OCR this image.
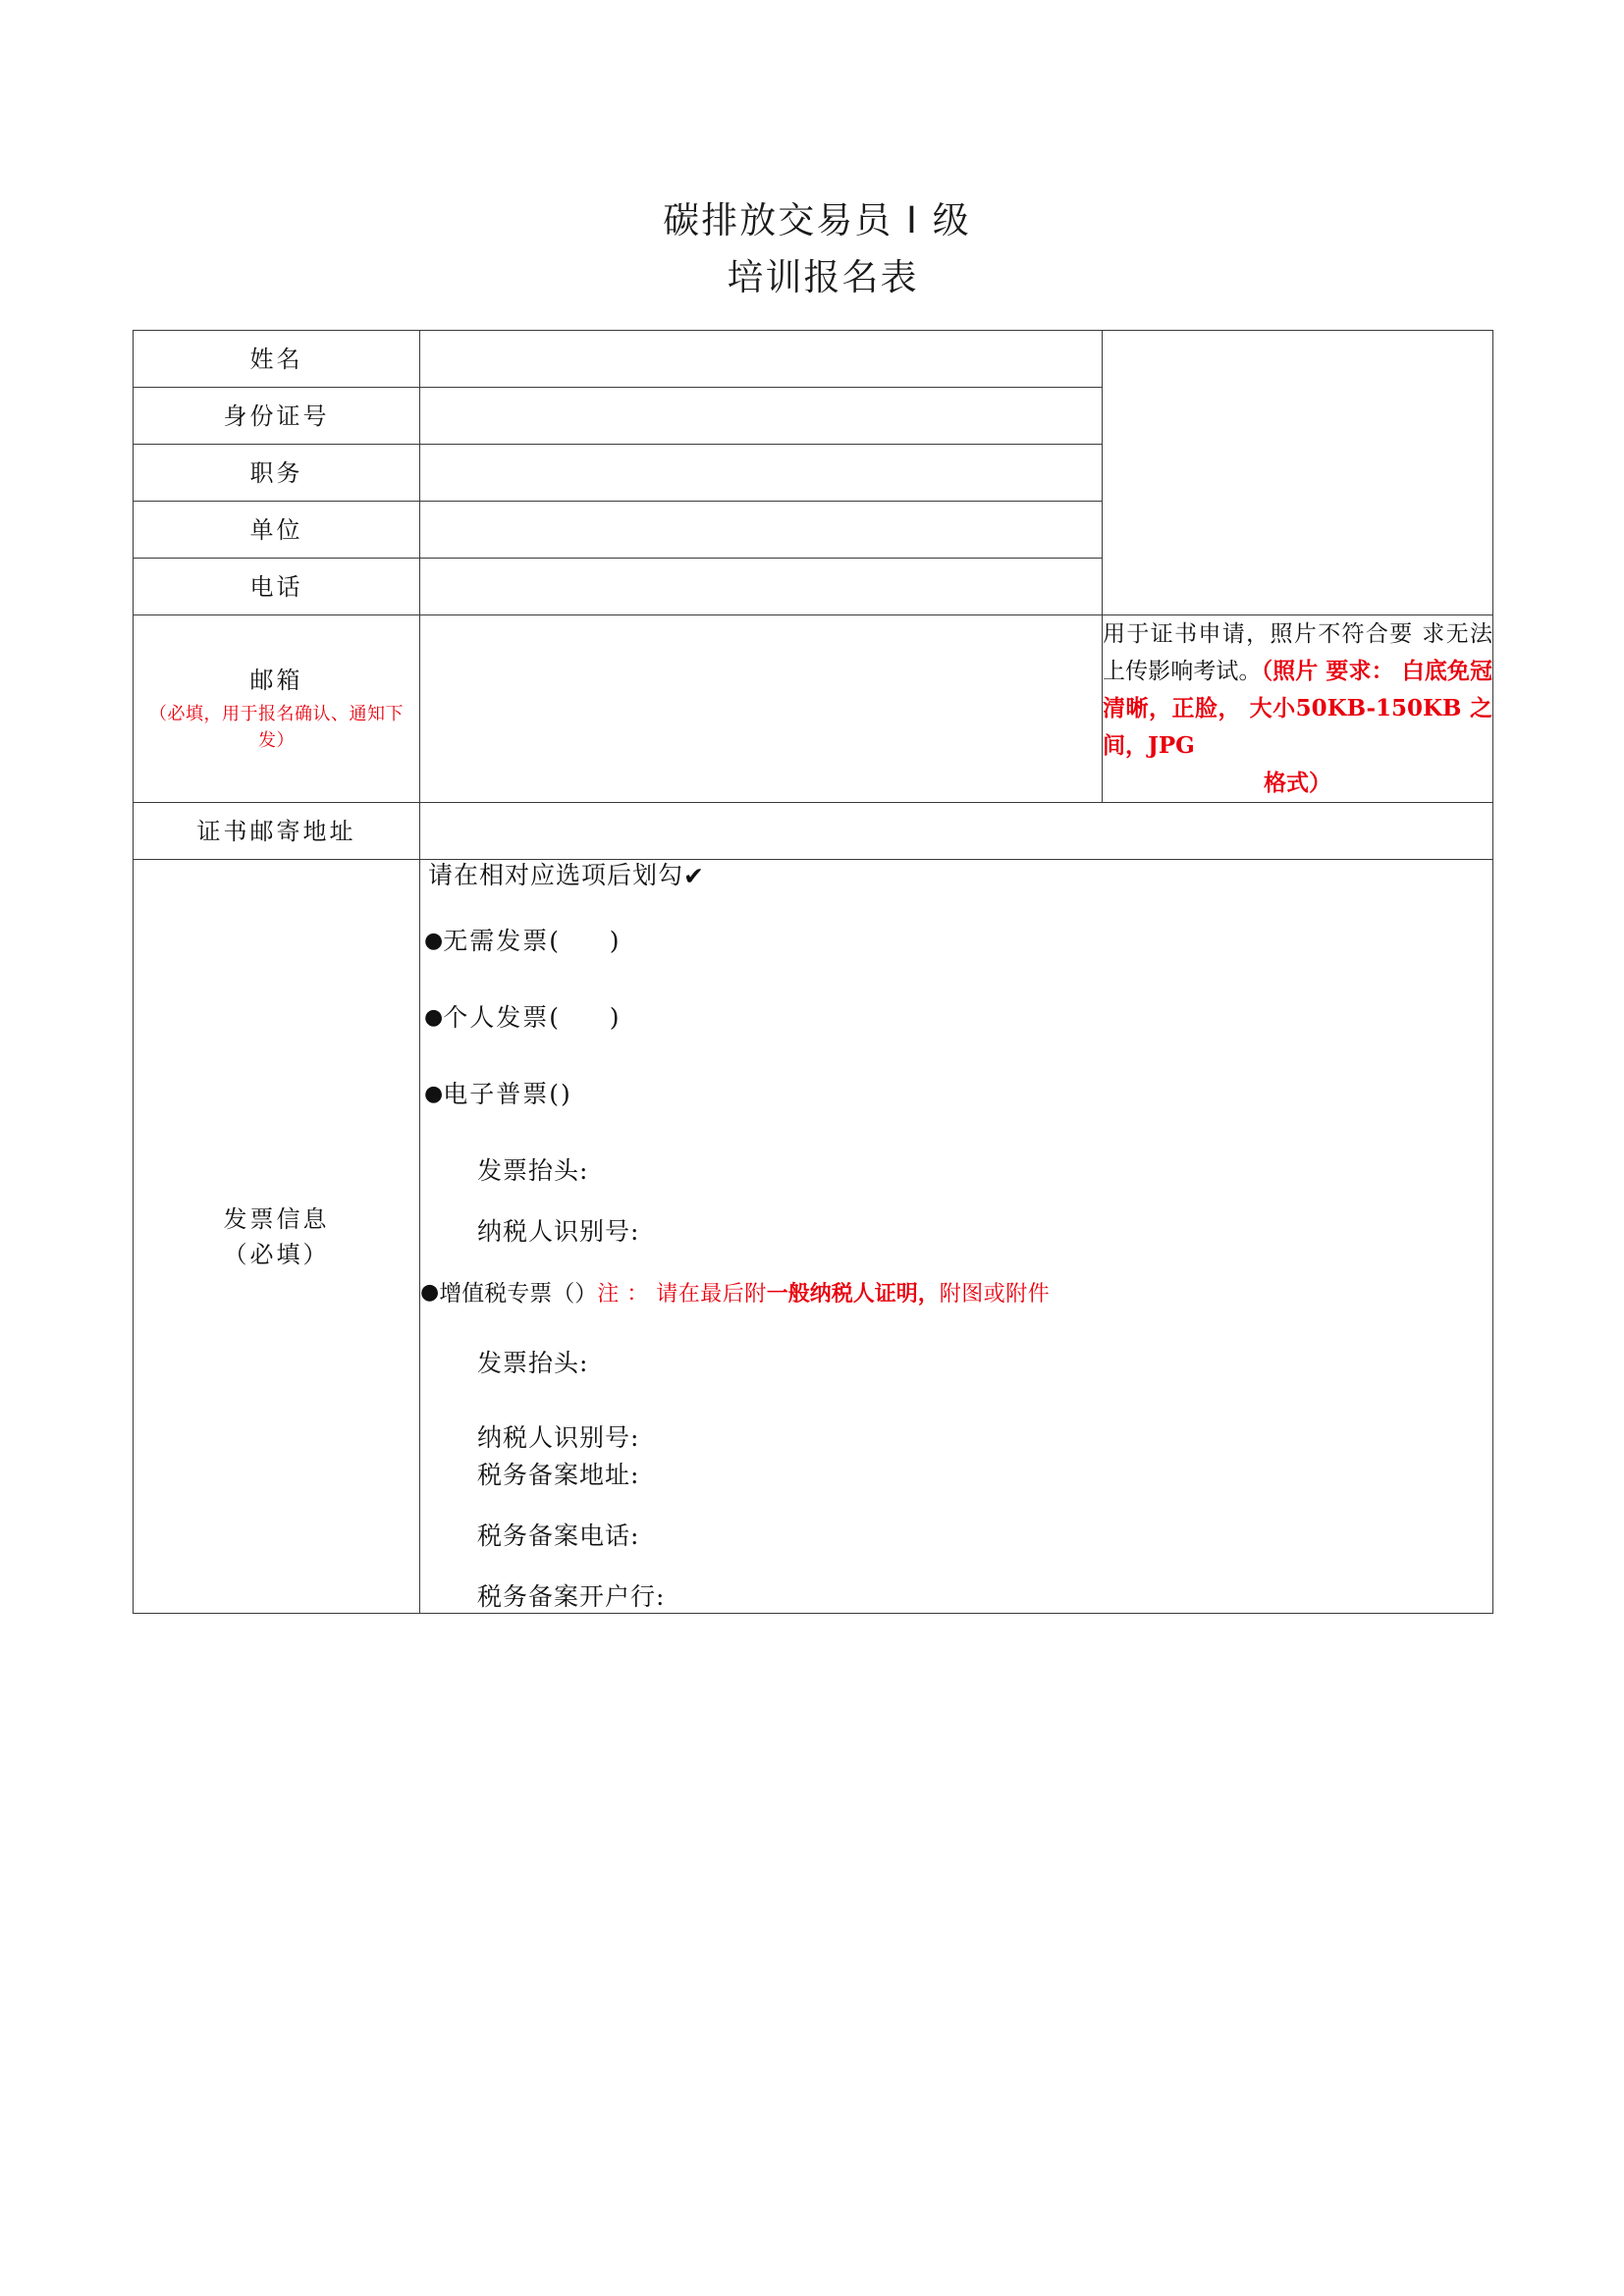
碳排放交易员 Ⅰ 级
培训报名表
姓名		

身份证号		

职务		

单位		

电话		

邮箱
（必填，用于报名确认、通知下发）		用于证书申请，照片不符合要 求无法上传影响考试。（照片 要求： 白底免冠清晰，正脸， 大小50KB-150KB 之间，JPG
格式）

证书邮寄地址		

发票信息
（必填）

请在相对应选项后划勾✔
●无需发票(     )
●个人发票(     )
●电子普票()
发票抬头:
纳税人识别号:
●增值税专票（）注 ： 请在最后附一般纳税人证明，附图或附件
发票抬头:
纳税人识别号:
税务备案地址:
税务备案电话:
税务备案开户行:
